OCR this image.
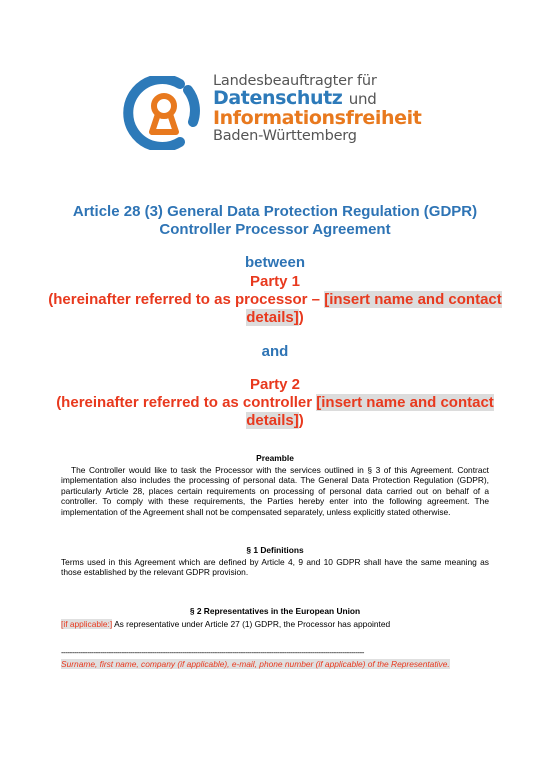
Landesbeauftragter für
Datenschutz und
Informationsfreiheit
Baden-Württemberg
Article 28 (3) General Data Protection Regulation (GDPR)
Controller Processor Agreement
between
Party 1
(hereinafter referred to as processor – [insert name and contact details])
and
Party 2
(hereinafter referred to as controller [insert name and contact details])
Preamble
The Controller would like to task the Processor with the services outlined in § 3 of this Agreement. Contract implementation also includes the processing of personal data. The General Data Protection Regulation (GDPR), particularly Article 28, places certain requirements on processing of personal data carried out on behalf of a controller. To comply with these requirements, the Parties hereby enter into the following agreement. The implementation of the Agreement shall not be compensated separately, unless explicitly stated otherwise.
§ 1 Definitions
Terms used in this Agreement which are defined by Article 4, 9 and 10 GDPR shall have the same meaning as those established by the relevant GDPR provision.
§ 2 Representatives in the European Union
[if applicable:] As representative under Article 27 (1) GDPR, the Processor has appointed
--------------------------------------------------------------------------------------------------------------------------------------------
Surname, first name, company (if applicable), e-mail, phone number (if applicable) of the Representative.
